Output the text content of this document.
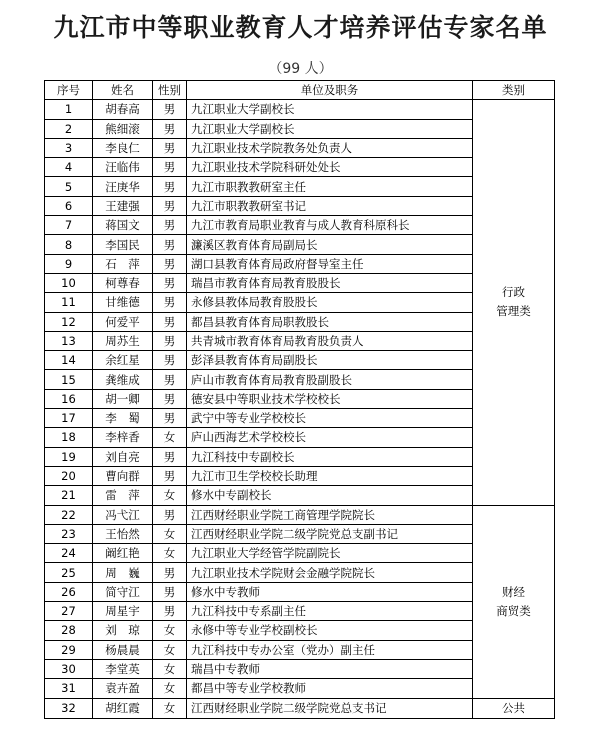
九江市中等职业教育人才培养评估专家名单
（99 人）
序号	姓名	性别	单位及职务	类别
1	胡春高	男	九江职业大学副校长	行政
管理类
2	熊细滚	男	九江职业大学副校长	
3	李良仁	男	九江职业技术学院教务处负责人	
4	汪临伟	男	九江职业技术学院科研处处长	
5	汪庚华	男	九江市职教教研室主任	
6	王建强	男	九江市职教教研室书记	
7	蒋国文	男	九江市教育局职业教育与成人教育科原科长	
8	李国民	男	濂溪区教育体育局副局长	
9	石　萍	男	湖口县教育体育局政府督导室主任	
10	柯尊春	男	瑞昌市教育体育局教育股股长	
11	甘维德	男	永修县教体局教育股股长	
12	何爱平	男	都昌县教育体育局职教股长	
13	周苏生	男	共青城市教育体育局教育股负责人	
14	余红星	男	彭泽县教育体育局副股长	
15	龚维成	男	庐山市教育体育局教育股副股长	
16	胡一卿	男	德安县中等职业技术学校校长	
17	李　蜀	男	武宁中等专业学校校长	
18	李梓香	女	庐山西海艺术学校校长	
19	刘自亮	男	九江科技中专副校长	
20	曹向群	男	九江市卫生学校校长助理	
21	雷　萍	女	修水中专副校长	
22	冯弋江	男	江西财经职业学院工商管理学院院长	财经
商贸类
23	王怡然	女	江西财经职业学院二级学院党总支副书记	
24	阚红艳	女	九江职业大学经管学院副院长	
25	周　巍	男	九江职业技术学院财会金融学院院长	
26	简守江	男	修水中专教师	
27	周星宇	男	九江科技中专系副主任	
28	刘　琼	女	永修中等专业学校副校长	
29	杨晨晨	女	九江科技中专办公室（党办）副主任	
30	李堂英	女	瑞昌中专教师	
31	袁卉盈	女	都昌中等专业学校教师	
32	胡红霞	女	江西财经职业学院二级学院党总支书记	公共
